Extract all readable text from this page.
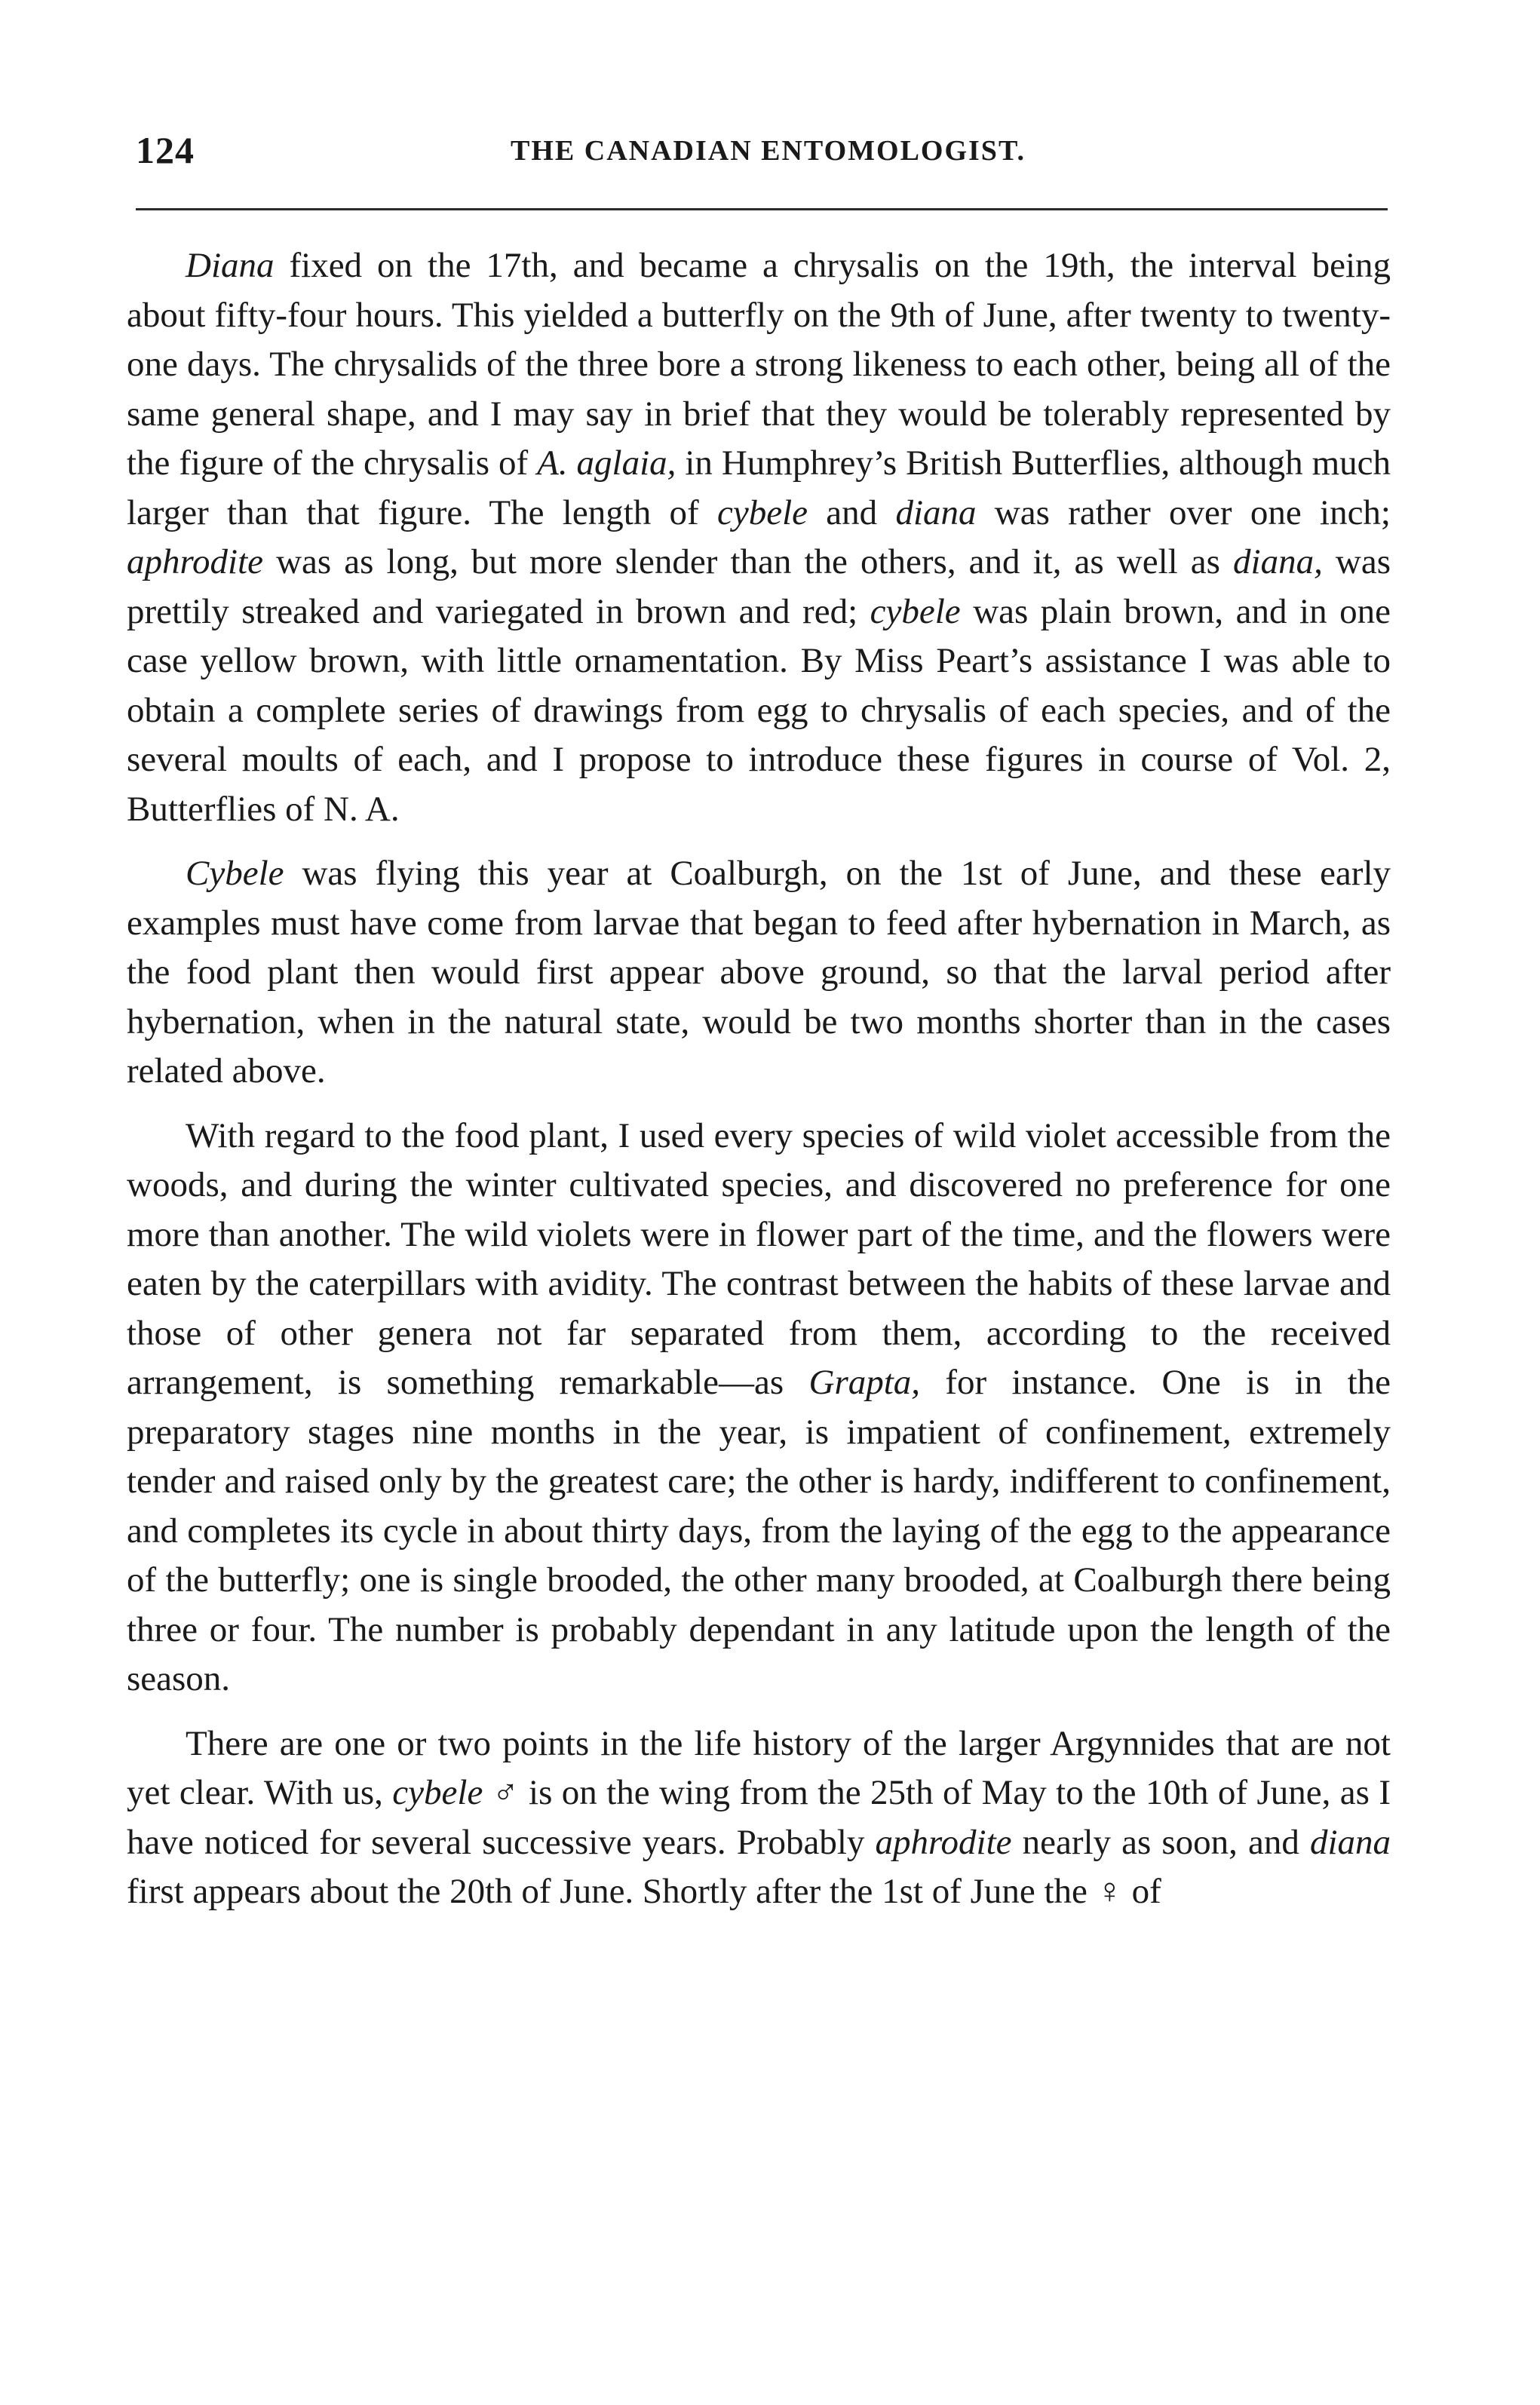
124	THE CANADIAN ENTOMOLOGIST.

Diana fixed on the 17th, and became a chrysalis on the 19th, the interval being about fifty-four hours. This yielded a butterfly on the 9th of June, after twenty to twenty-one days. The chrysalids of the three bore a strong likeness to each other, being all of the same general shape, and I may say in brief that they would be tolerably represented by the figure of the chrysalis of A. aglaia, in Humphrey’s British Butterflies, although much larger than that figure. The length of cybele and diana was rather over one inch; aphrodite was as long, but more slender than the others, and it, as well as diana, was prettily streaked and variegated in brown and red; cybele was plain brown, and in one case yellow brown, with little ornamentation. By Miss Peart’s assistance I was able to obtain a complete series of drawings from egg to chrysalis of each species, and of the several moults of each, and I propose to introduce these figures in course of Vol. 2, Butterflies of N. A.

Cybele was flying this year at Coalburgh, on the 1st of June, and these early examples must have come from larvae that began to feed after hybernation in March, as the food plant then would first appear above ground, so that the larval period after hybernation, when in the natural state, would be two months shorter than in the cases related above.

With regard to the food plant, I used every species of wild violet accessible from the woods, and during the winter cultivated species, and discovered no preference for one more than another. The wild violets were in flower part of the time, and the flowers were eaten by the caterpillars with avidity. The contrast between the habits of these larvae and those of other genera not far separated from them, according to the received arrangement, is something remarkable—as Grapta, for instance. One is in the preparatory stages nine months in the year, is impatient of confinement, extremely tender and raised only by the greatest care; the other is hardy, indifferent to confinement, and completes its cycle in about thirty days, from the laying of the egg to the appearance of the butterfly; one is single brooded, the other many brooded, at Coalburgh there being three or four. The number is probably dependant in any latitude upon the length of the season.

There are one or two points in the life history of the larger Argynnides that are not yet clear. With us, cybele ♂ is on the wing from the 25th of May to the 10th of June, as I have noticed for several successive years. Probably aphrodite nearly as soon, and diana first appears about the 20th of June. Shortly after the 1st of June the ♀ of
